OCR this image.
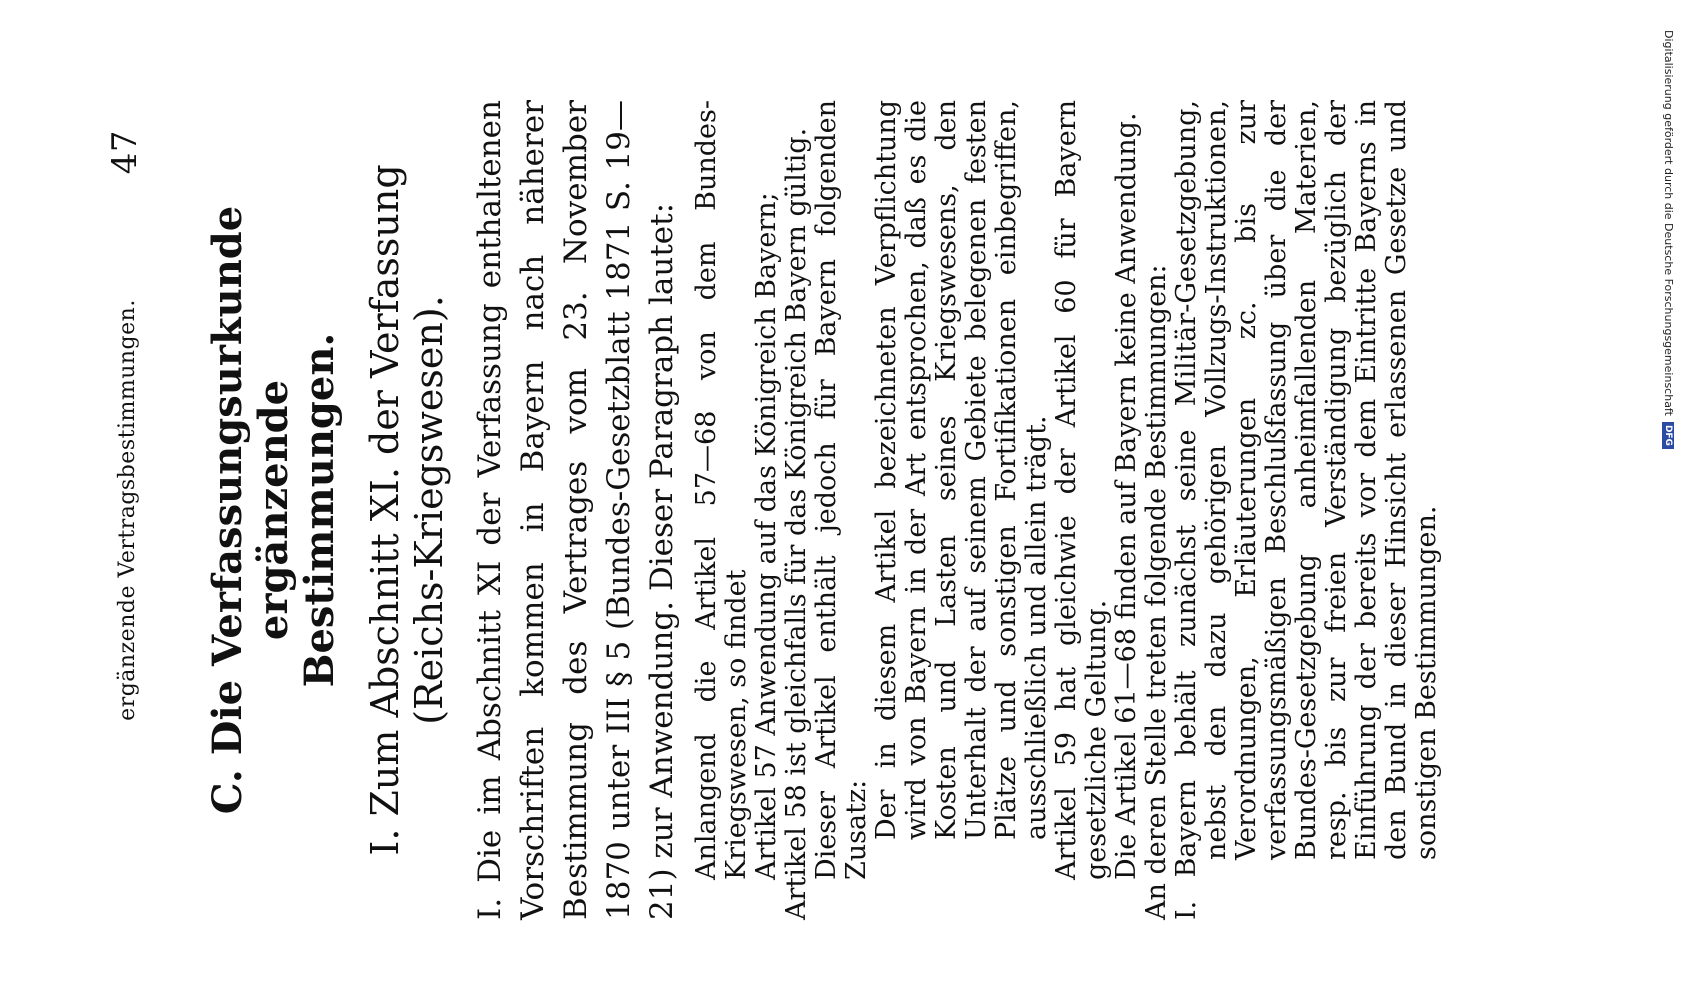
ergänzende Vertragsbestimmungen.
47
C. Die Verfassungsurkunde ergänzende Bestimmungen. I. Zum Abschnitt XI. der Verfassung (Reichs-Kriegswesen). I. Die im Abschnitt XI der Verfassung enthaltenen Vorschriften kommen in Bayern nach näherer Bestimmung des Vertrages vom 23. November 1870 unter III § 5 (Bundes-Gesetzblatt 1871 S. 19—21) zur Anwendung. Dieser Paragraph lautet: Anlangend die Artikel 57—68 von dem Bundes-Kriegswesen, so findet Artikel 57 Anwendung auf das Königreich Bayern; Artikel 58 ist gleichfalls für das Königreich Bayern gültig. Dieser Artikel enthält jedoch für Bayern folgenden Zusatz: Der in diesem Artikel bezeichneten Verpflichtung wird von Bayern in der Art entsprochen, daß es die Kosten und Lasten seines Kriegswesens, den Unterhalt der auf seinem Gebiete belegenen festen Plätze und sonstigen Fortifikationen einbegriffen, ausschließlich und allein trägt. Artikel 59 hat gleichwie der Artikel 60 für Bayern gesetzliche Geltung. Die Artikel 61—68 finden auf Bayern keine Anwendung. An deren Stelle treten folgende Bestimmungen: I. Bayern behält zunächst seine Militär-Gesetzgebung, nebst den dazu gehörigen Vollzugs-Instruktionen, Verordnungen, Erläuterungen zc. bis zur verfassungsmäßigen Beschlußfassung über die der Bundes-Gesetzgebung anheimfallenden Materien, resp. bis zur freien Verständigung bezüglich der Einführung der bereits vor dem Eintritte Bayerns in den Bund in dieser Hinsicht erlassenen Gesetze und sonstigen Bestimmungen.
Digitalisierung gefördert durch die Deutsche Forschungsgemeinschaft
DFG
